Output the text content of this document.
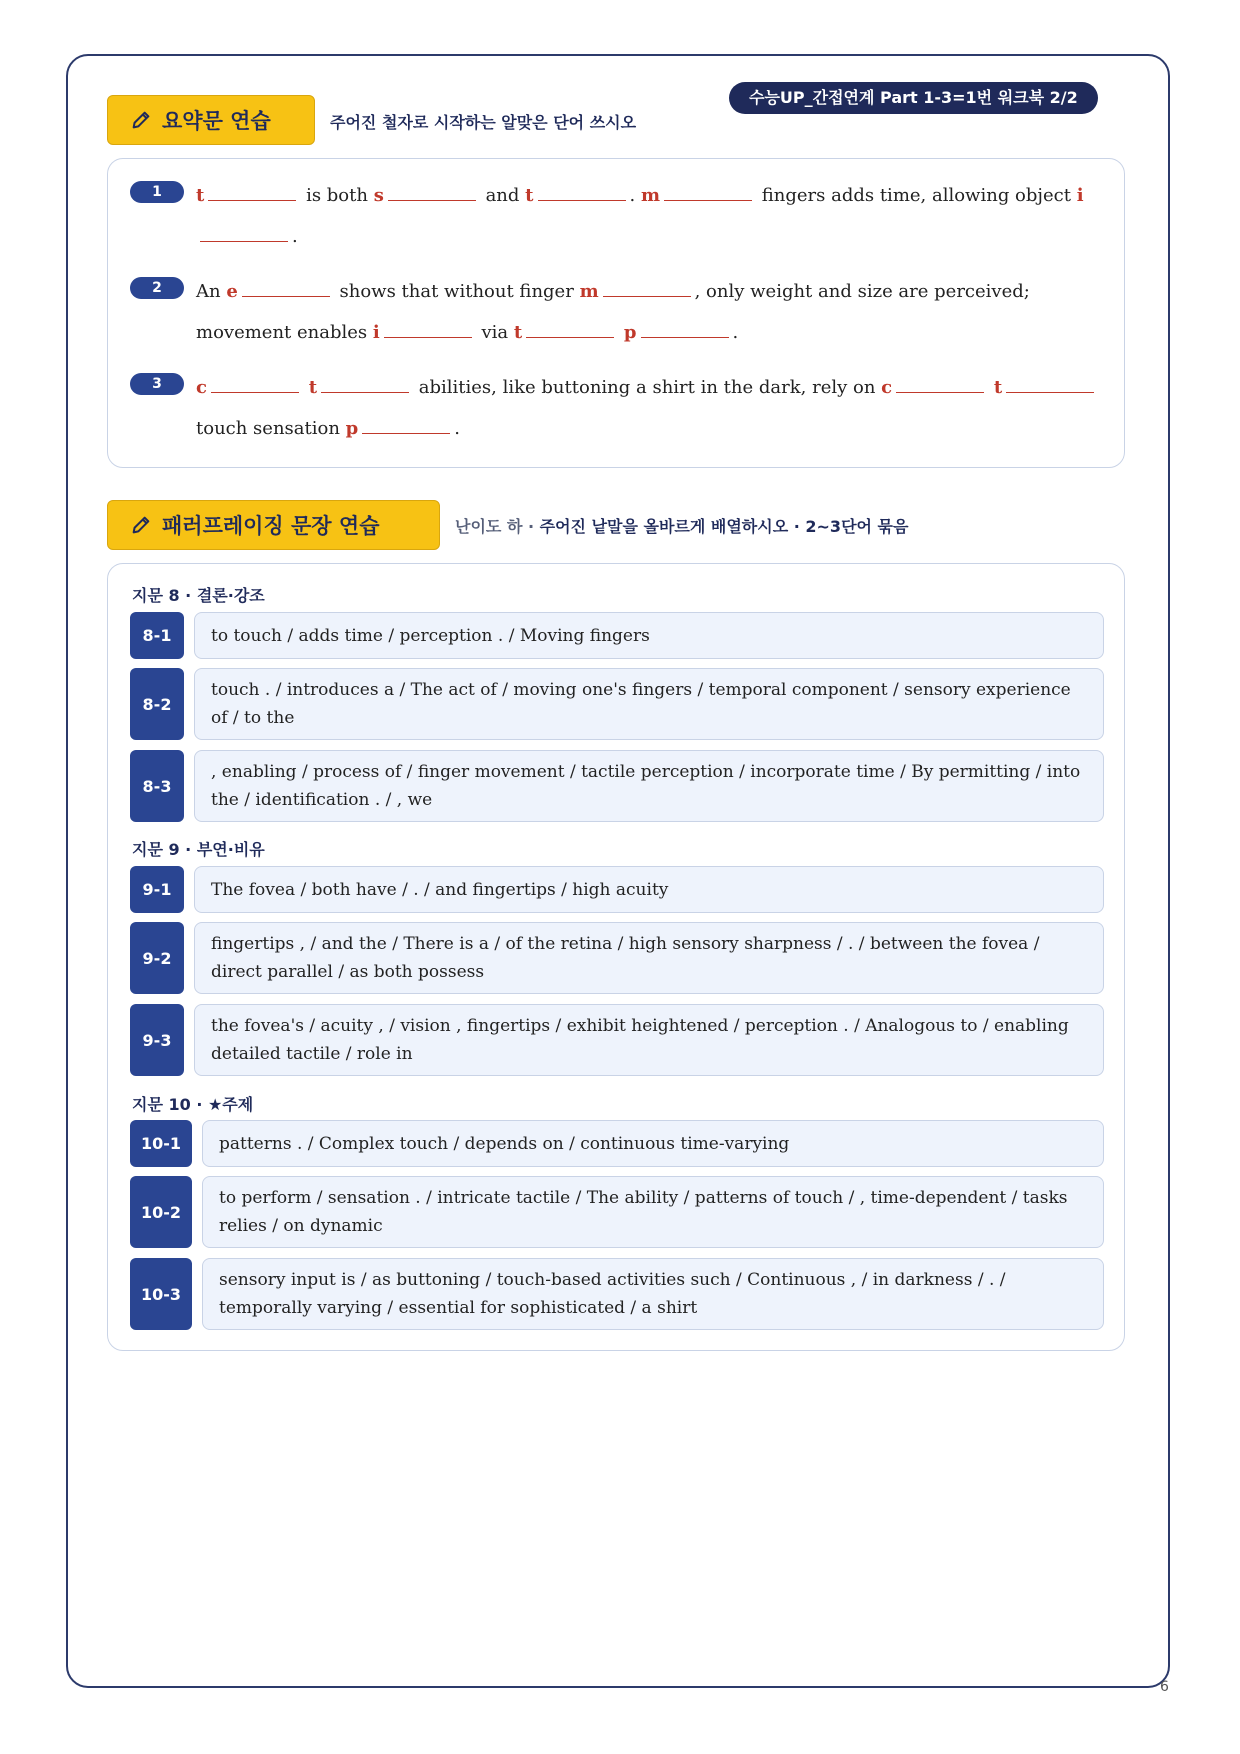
수능UP_간접연계 Part 1-3=1번 워크북 2/2
요약문 연습	주어진 철자로 시작하는 알맞은 단어 쓰시오
1	t	is both s	and t	. m	fingers adds time, allowing object i.
2	An e	shows that without finger m	, only weight and size are perceived; movement enables i	via t	p	.
3	c	t	abilities, like buttoning a shirt in the dark, rely on c	t touch sensation p	.
패러프레이징 문장 연습	난이도 하 · 주어진 낱말을 올바르게 배열하시오 · 2~3단어 묶음
지문 8 · 결론·강조
8-1	to touch / adds time / perception . / Moving fingers
8-2
touch . / introduces a / The act of / moving one's fingers / temporal component / sensory experience of / to the
8-3
, enabling / process of / finger movement / tactile perception / incorporate time / By permitting / into the / identification . / , we
지문 9 · 부연·비유
9-1	The fovea / both have / . / and fingertips / high acuity
9-2
fingertips , / and the / There is a / of the retina / high sensory sharpness / . / between the fovea / direct parallel / as both possess
9-3
the fovea's / acuity , / vision , fingertips / exhibit heightened / perception . / Analogous to / enabling detailed tactile / role in
지문 10 · ★주제
10-1	patterns . / Complex touch / depends on / continuous time-varying
10-2
to perform / sensation . / intricate tactile / The ability / patterns of touch / , time-dependent / tasks relies / on dynamic
10-3
sensory input is / as buttoning / touch-based activities such / Continuous , / in darkness / . / temporally varying / essential for sophisticated / a shirt
6
